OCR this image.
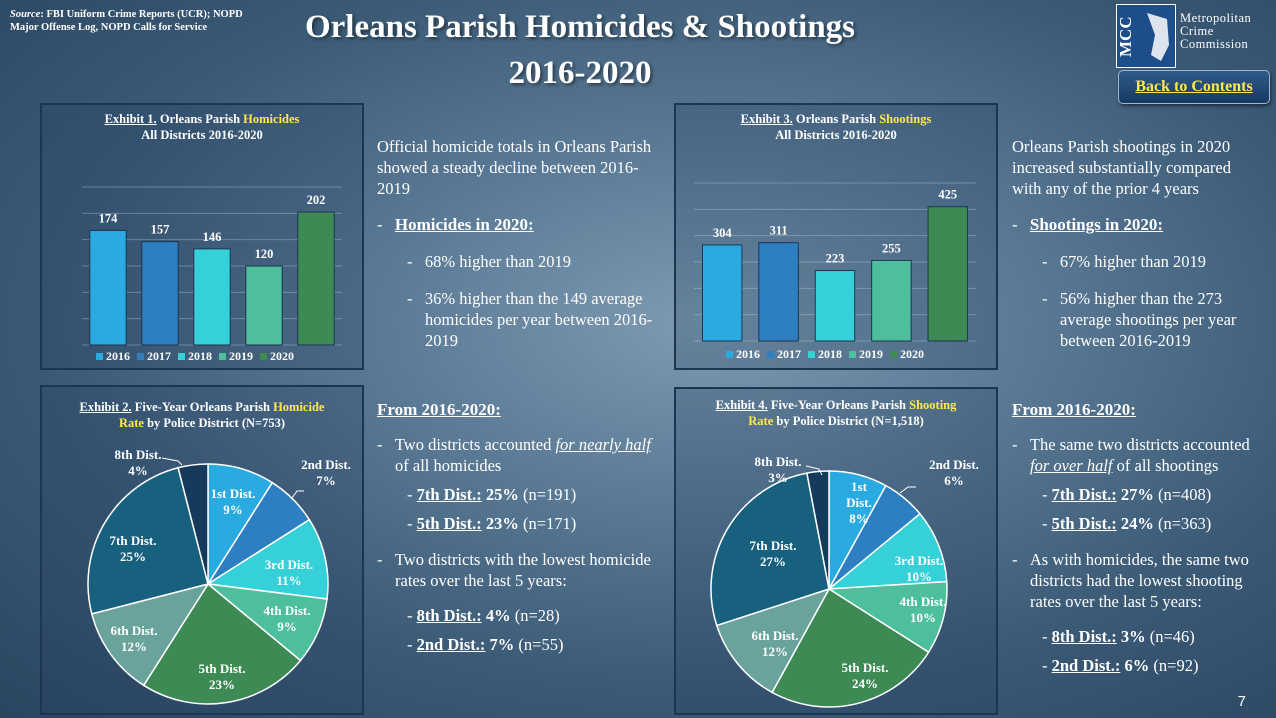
Source: FBI Uniform Crime Reports (UCR); NOPD Major Offense Log, NOPD Calls for Service	Orleans Parish Homicides & Shootings
2016-2020
MCC	Metropolitan
Crime
Commission
Back to Contents
Exhibit 1. Orleans Parish Homicides
All Districts 2016-2020
174
157
146
120
202
2016 2017 2018 2019 2020
Exhibit 2. Five-Year Orleans Parish Homicide
Rate by Police District (N=753)
1st Dist.
9%
2nd Dist.
7%
3rd Dist.
11%
4th Dist.
9%
5th Dist.
23%
6th Dist.
12%
7th Dist.
25%
8th Dist.
4%
Exhibit 3. Orleans Parish Shootings
All Districts 2016-2020
304	311
223
255
425
2016 2017 2018 2019 2020
Exhibit 4. Five-Year Orleans Parish Shooting
Rate by Police District (N=1,518)
1st
Dist.
8%
2nd Dist.
6%
3rd Dist.
10%
4th Dist.
10%
5th Dist.
24%
6th Dist.
12%
7th Dist.
27%
8th Dist.
3%

Official homicide totals in Orleans Parish showed a steady decline between 2016-2019

-   Homicides in 2020:

-   68% higher than 2019

-   36% higher than the 149 average homicides per year between 2016-2019

From 2016-2020:

-   Two districts accounted for nearly half of all homicides

- 7th Dist.: 25% (n=191)

- 5th Dist.: 23% (n=171)

-   Two districts with the lowest homicide rates over the last 5 years:

- 8th Dist.: 4% (n=28)

- 2nd Dist.: 7% (n=55)

Orleans Parish shootings in 2020 increased substantially compared with any of the prior 4 years

-   Shootings in 2020:

-   67% higher than 2019

-   56% higher than the 273 average shootings per year between 2016-2019

From 2016-2020:

-   The same two districts accounted for over half of all shootings

- 7th Dist.: 27% (n=408)

- 5th Dist.: 24% (n=363)

-   As with homicides, the same two districts had the lowest shooting rates over the last 5 years:

- 8th Dist.: 3% (n=46)

- 2nd Dist.: 6% (n=92)

7
